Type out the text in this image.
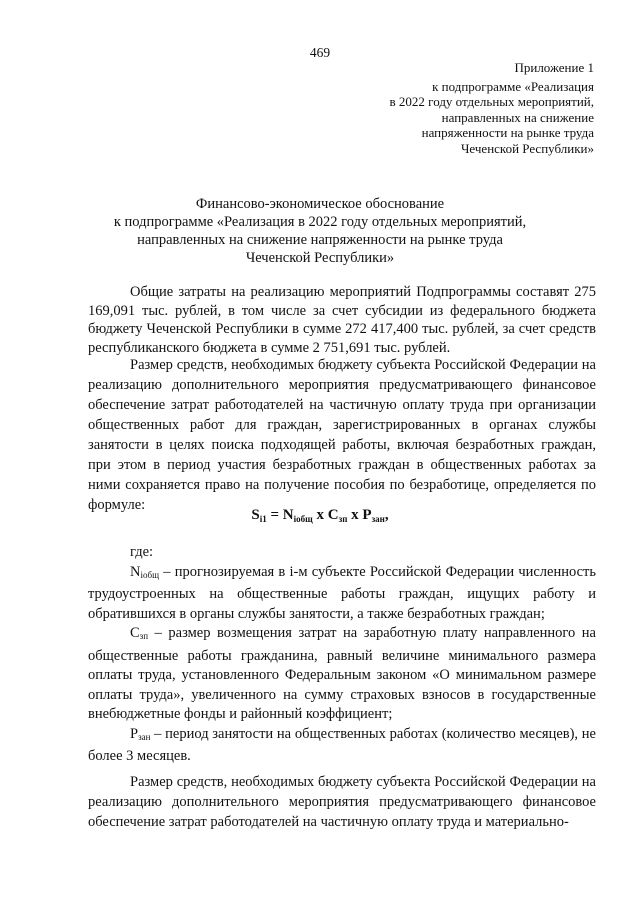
469
Приложение 1
к подпрограмме «Реализация
в 2022 году отдельных мероприятий,
направленных на снижение
напряженности на рынке труда
Чеченской Республики»
Финансово-экономическое обоснование
к подпрограмме «Реализация в 2022 году отдельных мероприятий,
направленных на снижение напряженности на рынке труда
Чеченской Республики»
Общие затраты на реализацию мероприятий Подпрограммы составят 275 169,091 тыс. рублей, в том числе за счет субсидии из федерального бюджета бюджету Чеченской Республики в сумме 272 417,400 тыс. рублей, за счет средств республиканского бюджета в сумме 2 751,691 тыс. рублей.
Размер средств, необходимых бюджету субъекта Российской Федерации на реализацию дополнительного мероприятия предусматривающего финансовое обеспечение затрат работодателей на частичную оплату труда при организации общественных работ для граждан, зарегистрированных в органах службы занятости в целях поиска подходящей работы, включая безработных граждан, при этом в период участия безработных граждан в общественных работах за ними сохраняется право на получение пособия по безработице, определяется по формуле:
$S_{i1} = N_{iобщ}$ x $C_{зп}$ x $P_{зан}$,
где:
$N_{iобщ}$ – прогнозируемая в i-м субъекте Российской Федерации численность трудоустроенных на общественные работы граждан, ищущих работу и обратившихся в органы службы занятости, а также безработных граждан;
$C_{зп}$ – размер возмещения затрат на заработную плату направленного на общественные работы гражданина, равный величине минимального размера оплаты труда, установленного Федеральным законом «О минимальном размере оплаты труда», увеличенного на сумму страховых взносов в государственные внебюджетные фонды и районный коэффициент;
$P_{зан}$ – период занятости на общественных работах (количество месяцев), не более 3 месяцев.
Размер средств, необходимых бюджету субъекта Российской Федерации на реализацию дополнительного мероприятия предусматривающего финансовое обеспечение затрат работодателей на частичную оплату труда и материально-
